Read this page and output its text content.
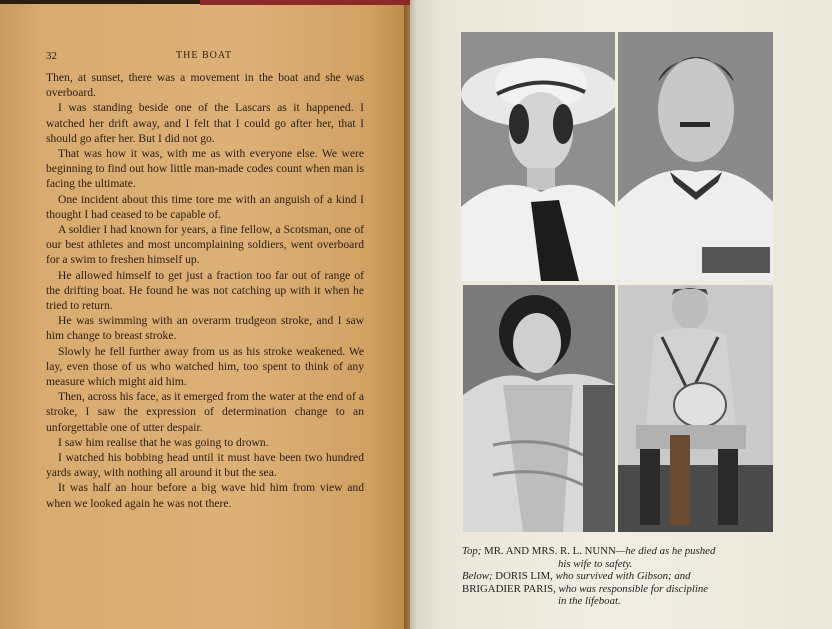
32	THE BOAT

Then, at sunset, there was a movement in the boat and she was overboard.

I was standing beside one of the Lascars as it happened. I watched her drift away, and I felt that I could go after her, that I should go after her. But I did not go.

That was how it was, with me as with everyone else. We were beginning to find out how little man-made codes count when man is facing the ultimate.

One incident about this time tore me with an anguish of a kind I thought I had ceased to be capable of.

A soldier I had known for years, a fine fellow, a Scotsman, one of our best athletes and most uncomplaining soldiers, went overboard for a swim to freshen himself up.

He allowed himself to get just a fraction too far out of range of the drifting boat. He found he was not catching up with it when he tried to return.

He was swimming with an overarm trudgeon stroke, and I saw him change to breast stroke.

Slowly he fell further away from us as his stroke weakened. We lay, even those of us who watched him, too spent to think of any measure which might aid him.

Then, across his face, as it emerged from the water at the end of a stroke, I saw the expression of determination change to an unforgettable one of utter despair.

I saw him realise that he was going to drown.

I watched his bobbing head until it must have been two hundred yards away, with nothing all around it but the sea.

It was half an hour before a big wave hid him from view and when we looked again he was not there.

Top; MR. AND MRS. R. L. NUNN—he died as he pushed
his wife to safety.
Below; DORIS LIM, who survived with Gibson; and
BRIGADIER PARIS, who was responsible for discipline
in the lifeboat.
